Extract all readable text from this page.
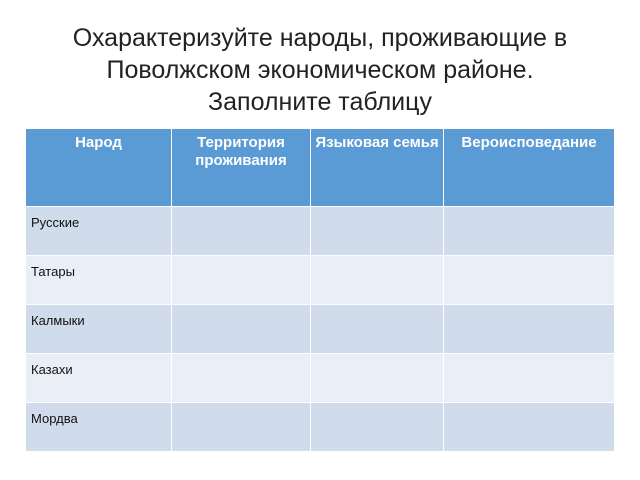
Охарактеризуйте народы, проживающие в
Поволжском экономическом районе.
Заполните таблицу
Народ	Территория проживания	Языковая семья	Вероисповедание

Русские			

Татары			

Калмыки			

Казахи			

Мордва			
